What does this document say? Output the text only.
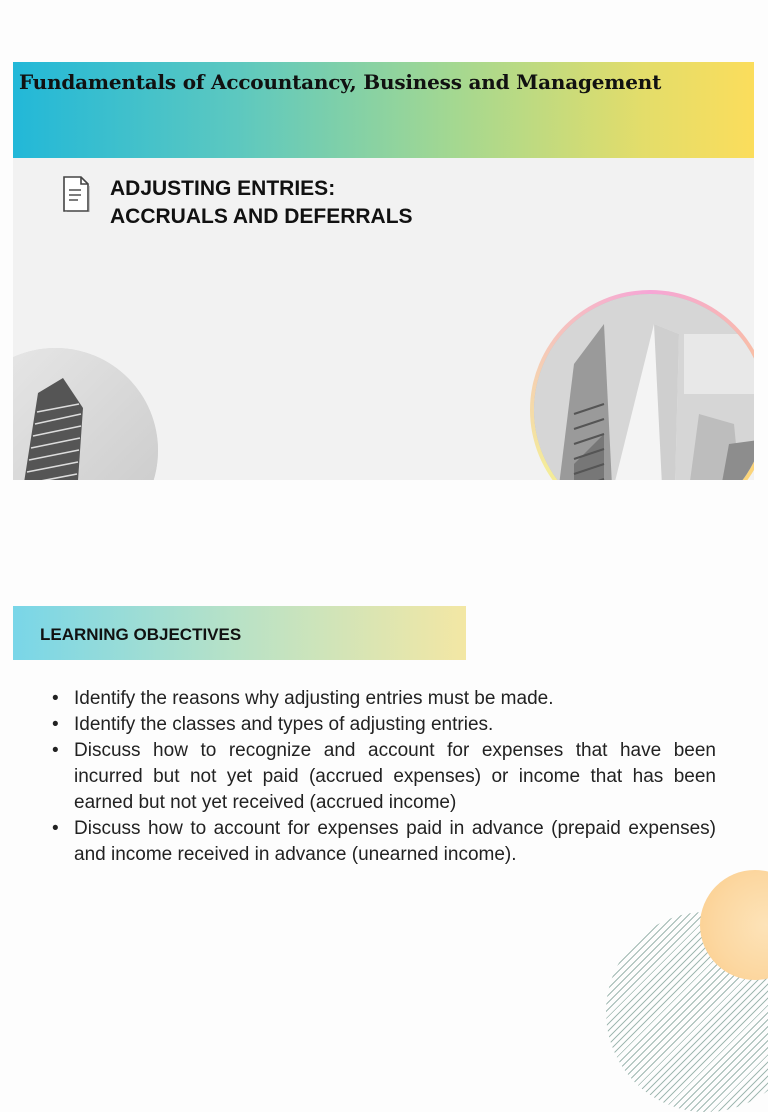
Fundamentals of Accountancy, Business and Management
ADJUSTING ENTRIES:
ACCRUALS AND DEFERRALS
LEARNING OBJECTIVES
• Identify the reasons why adjusting entries must be made.
• Identify the classes and types of adjusting entries.
• Discuss how to recognize and account for expenses that have been incurred but not yet paid (accrued expenses) or income that has been earned but not yet received (accrued income)
• Discuss how to account for expenses paid in advance (prepaid expenses) and income received in advance (unearned income).
